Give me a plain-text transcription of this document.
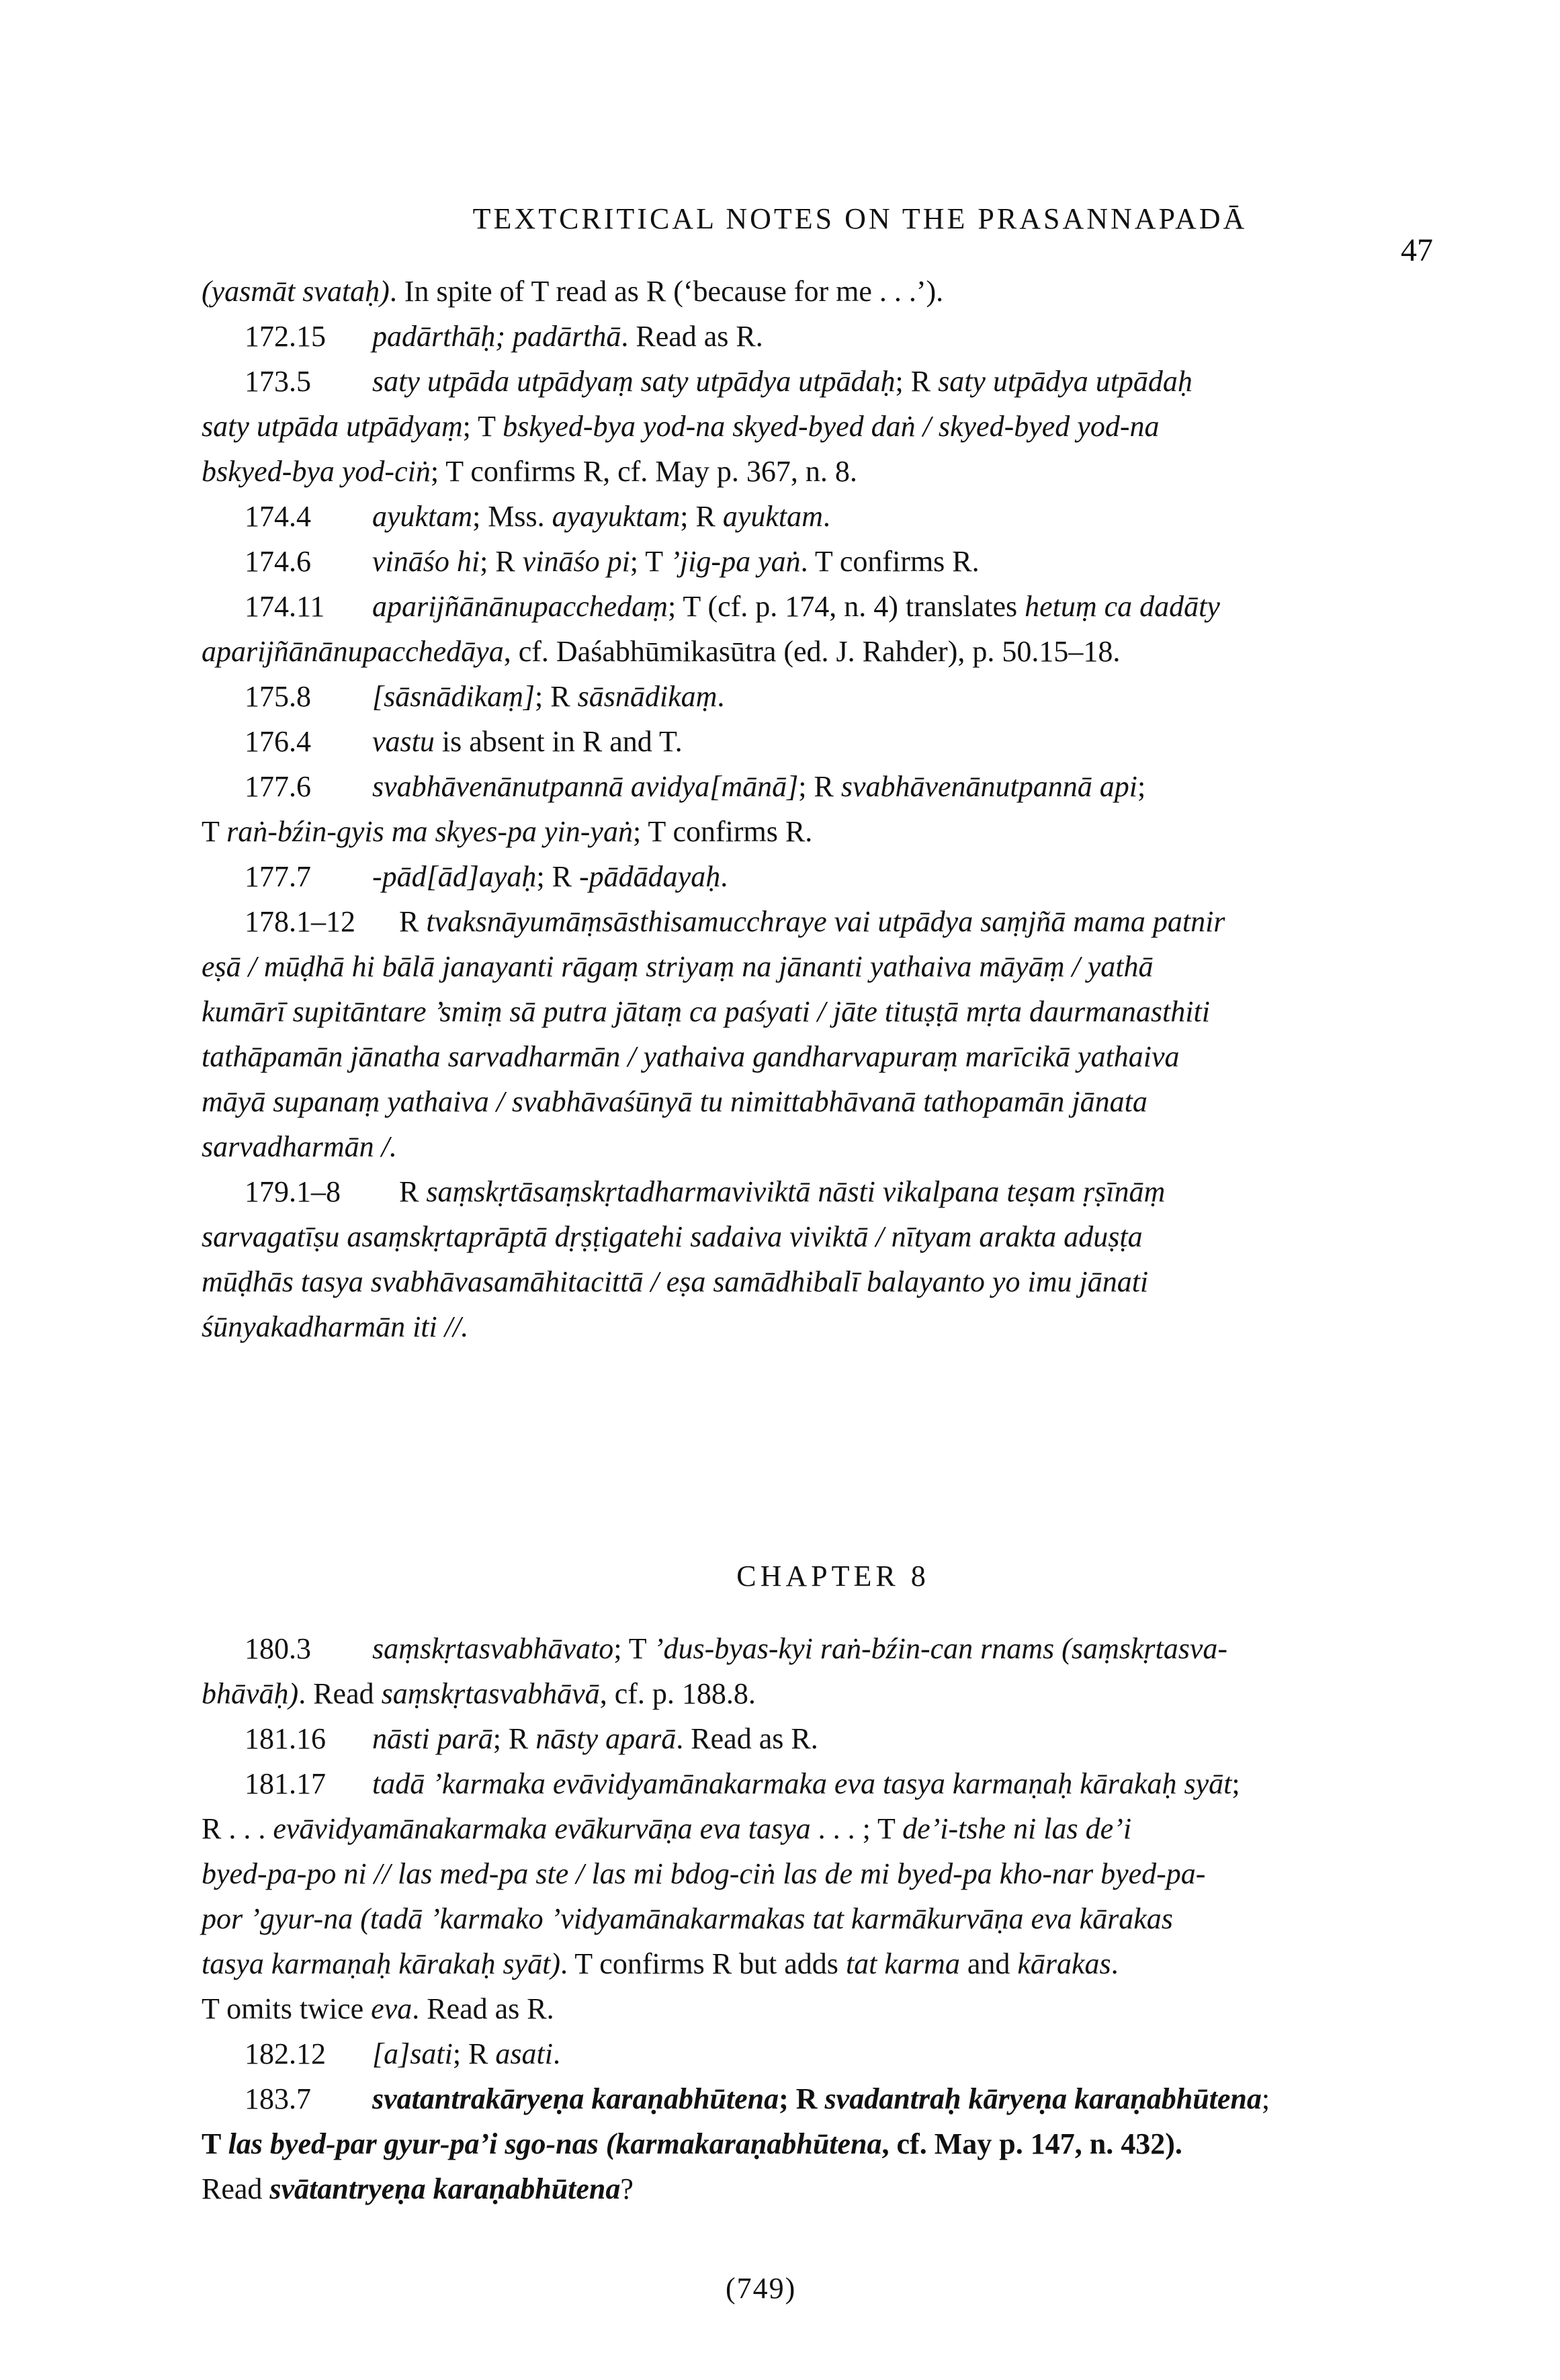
TEXTCRITICAL NOTES ON THE PRASANNAPADĀ
47
(yasmāt svataḥ). In spite of T read as R (‘because for me . . .’).
172.15 padārthāḥ; padārthā. Read as R.
173.5 saty utpāda utpādyaṃ saty utpādya utpādaḥ; R saty utpādya utpādaḥ
saty utpāda utpādyaṃ; T bskyed-bya yod-na skyed-byed daṅ / skyed-byed yod-na
bskyed-bya yod-ciṅ; T confirms R, cf. May p. 367, n. 8.
174.4 ayuktam; Mss. ayayuktam; R ayuktam.
174.6 vināśo hi; R vināśo pi; T ’jig-pa yaṅ. T confirms R.
174.11 aparijñānānupacchedaṃ; T (cf. p. 174, n. 4) translates hetuṃ ca dadāty
aparijñānānupacchedāya, cf. Daśabhūmikasūtra (ed. J. Rahder), p. 50.15–18.
175.8 [sāsnādikaṃ]; R sāsnādikaṃ.
176.4 vastu is absent in R and T.
177.6 svabhāvenānutpannā avidya[mānā]; R svabhāvenānutpannā api;
T raṅ-bźin-gyis ma skyes-pa yin-yaṅ; T confirms R.
177.7 -pād[ād]ayaḥ; R -pādādayaḥ.
178.1–12 R tvaksnāyumāṃsāsthisamucchraye vai utpādya saṃjñā mama patnir
eṣā / mūḍhā hi bālā janayanti rāgaṃ striyaṃ na jānanti yathaiva māyāṃ / yathā
kumārī supitāntare ’smiṃ sā putra jātaṃ ca paśyati / jāte tituṣṭā mṛta daurmanasthiti
tathāpamān jānatha sarvadharmān / yathaiva gandharvapuraṃ marīcikā yathaiva
māyā supanaṃ yathaiva / svabhāvaśūnyā tu nimittabhāvanā tathopamān jānata
sarvadharmān /.
179.1–8 R saṃskṛtāsaṃskṛtadharmaviviktā nāsti vikalpana teṣam ṛṣīnāṃ
sarvagatīṣu asaṃskṛtaprāptā dṛṣṭigatehi sadaiva viviktā / nītyam arakta aduṣṭa
mūḍhās tasya svabhāvasamāhitacittā / eṣa samādhibalī balayanto yo imu jānati
śūnyakadharmān iti //.
CHAPTER 8
180.3 saṃskṛtasvabhāvato; T ’dus-byas-kyi raṅ-bźin-can rnams (saṃskṛtasva-
bhāvāḥ). Read saṃskṛtasvabhāvā, cf. p. 188.8.
181.16 nāsti parā; R nāsty aparā. Read as R.
181.17 tadā ’karmaka evāvidyamānakarmaka eva tasya karmaṇaḥ kārakaḥ syāt;
R . . . evāvidyamānakarmaka evākurvāṇa eva tasya . . . ; T de’i-tshe ni las de’i
byed-pa-po ni // las med-pa ste / las mi bdog-ciṅ las de mi byed-pa kho-nar byed-pa-
por ’gyur-na (tadā ’karmako ’vidyamānakarmakas tat karmākurvāṇa eva kārakas
tasya karmaṇaḥ kārakaḥ syāt). T confirms R but adds tat karma and kārakas.
T omits twice eva. Read as R.
182.12 [a]sati; R asati.
183.7 svatantrakāryeṇa karaṇabhūtena; R svadantraḥ kāryeṇa karaṇabhūtena;
T las byed-par gyur-pa’i sgo-nas (karmakaraṇabhūtena, cf. May p. 147, n. 432).
Read svātantryeṇa karaṇabhūtena?
(749)
